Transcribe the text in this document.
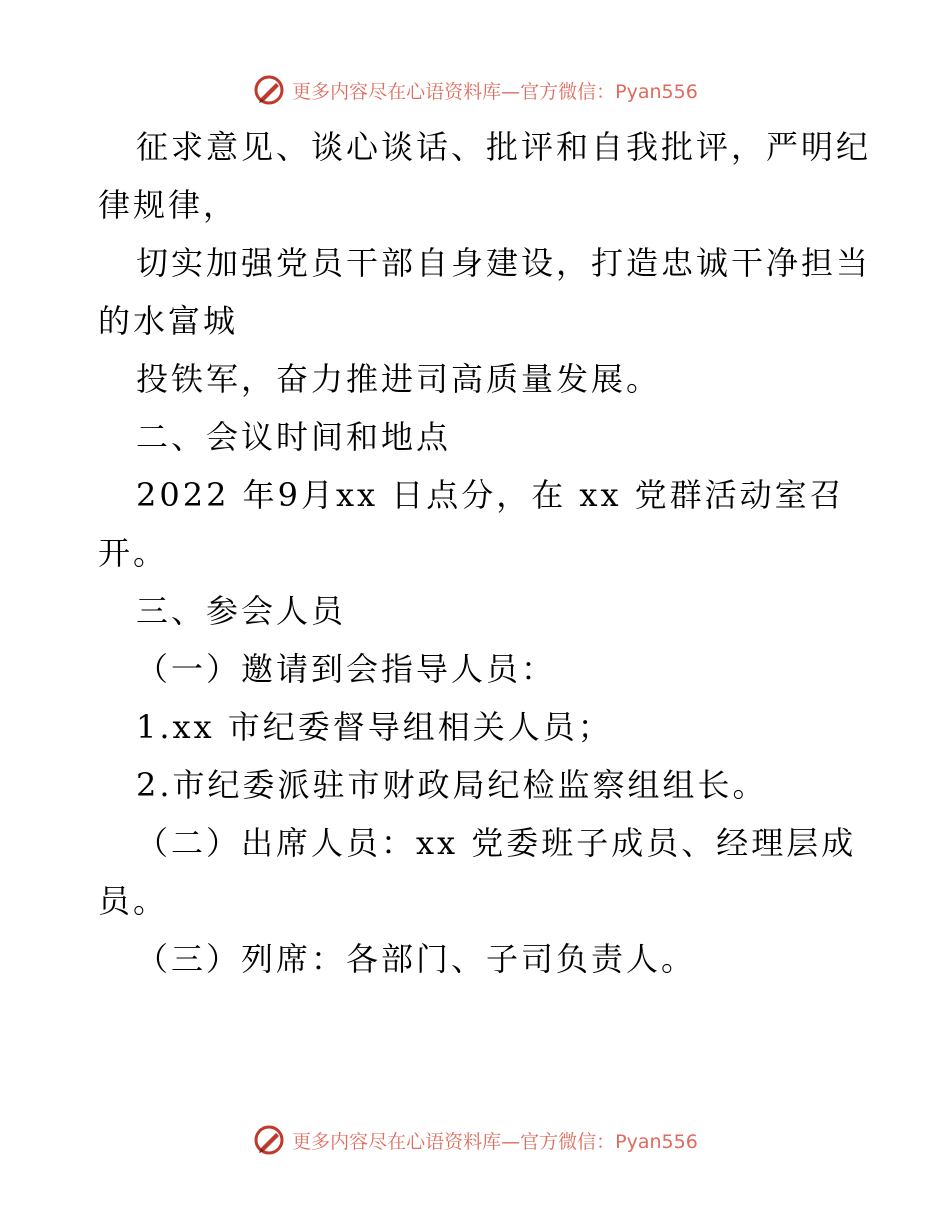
更多内容尽在心语资料库—官方微信：Pyan556

征求意见、谈心谈话、批评和自我批评，严明纪

律规律，

切实加强党员干部自身建设，打造忠诚干净担当

的水富城

投铁军，奋力推进司高质量发展。

二、会议时间和地点

2022 年9月xx 日点分，在 xx 党群活动室召

开。

三、参会人员

（一）邀请到会指导人员：

1.xx 市纪委督导组相关人员；

2.市纪委派驻市财政局纪检监察组组长。

（二）出席人员：xx 党委班子成员、经理层成

员。

（三）列席：各部门、子司负责人。

更多内容尽在心语资料库—官方微信：Pyan556
